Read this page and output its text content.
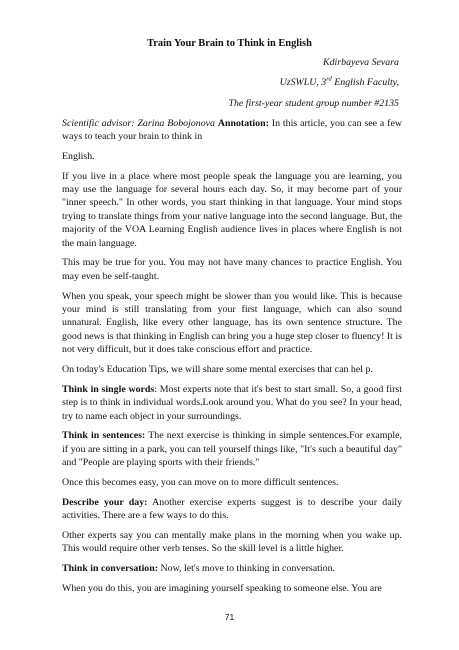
Train Your Brain to Think in English
Kdirbayeva Sevara
UzSWLU, 3rd English Faculty,
The first-year student group number #2135

Scientific advisor: Zarina Bobojonova Annotation: In this article, you can see a few ways to teach your brain to think in

English.

If you live in a place where most people speak the language you are learning, you may use the language for several hours each day. So, it may become part of your "inner speech." In other words, you start thinking in that language. Your mind stops trying to translate things from your native language into the second language. But, the majority of the VOA Learning English audience lives in places where English is not the main language.

This may be true for you. You may not have many chances to practice English. You may even be self-taught.

When you speak, your speech might be slower than you would like. This is because your mind is still translating from your first language, which can also sound unnatural. English, like every other language, has its own sentence structure. The good news is that thinking in English can bring you a huge step closer to fluency! It is not very difficult, but it does take conscious effort and practice.

On today's Education Tips, we will share some mental exercises that can hel p.

Think in single words: Most experts note that it's best to start small. So, a good first step is to think in individual words.Look around you. What do you see? In your head, try to name each object in your surroundings.

Think in sentences: The next exercise is thinking in simple sentences.For example, if you are sitting in a park, you can tell yourself things like, "It's such a beautiful day" and "People are playing sports with their friends."

Once this becomes easy, you can move on to more difficult sentences.

Describe your day: Another exercise experts suggest is to describe your daily activities. There are a few ways to do this.

Other experts say you can mentally make plans in the morning when you wake up. This would require other verb tenses. So the skill level is a little higher.

Think in conversation: Now, let's move to thinking in conversation.

When you do this, you are imagining yourself speaking to someone else. You are

71
